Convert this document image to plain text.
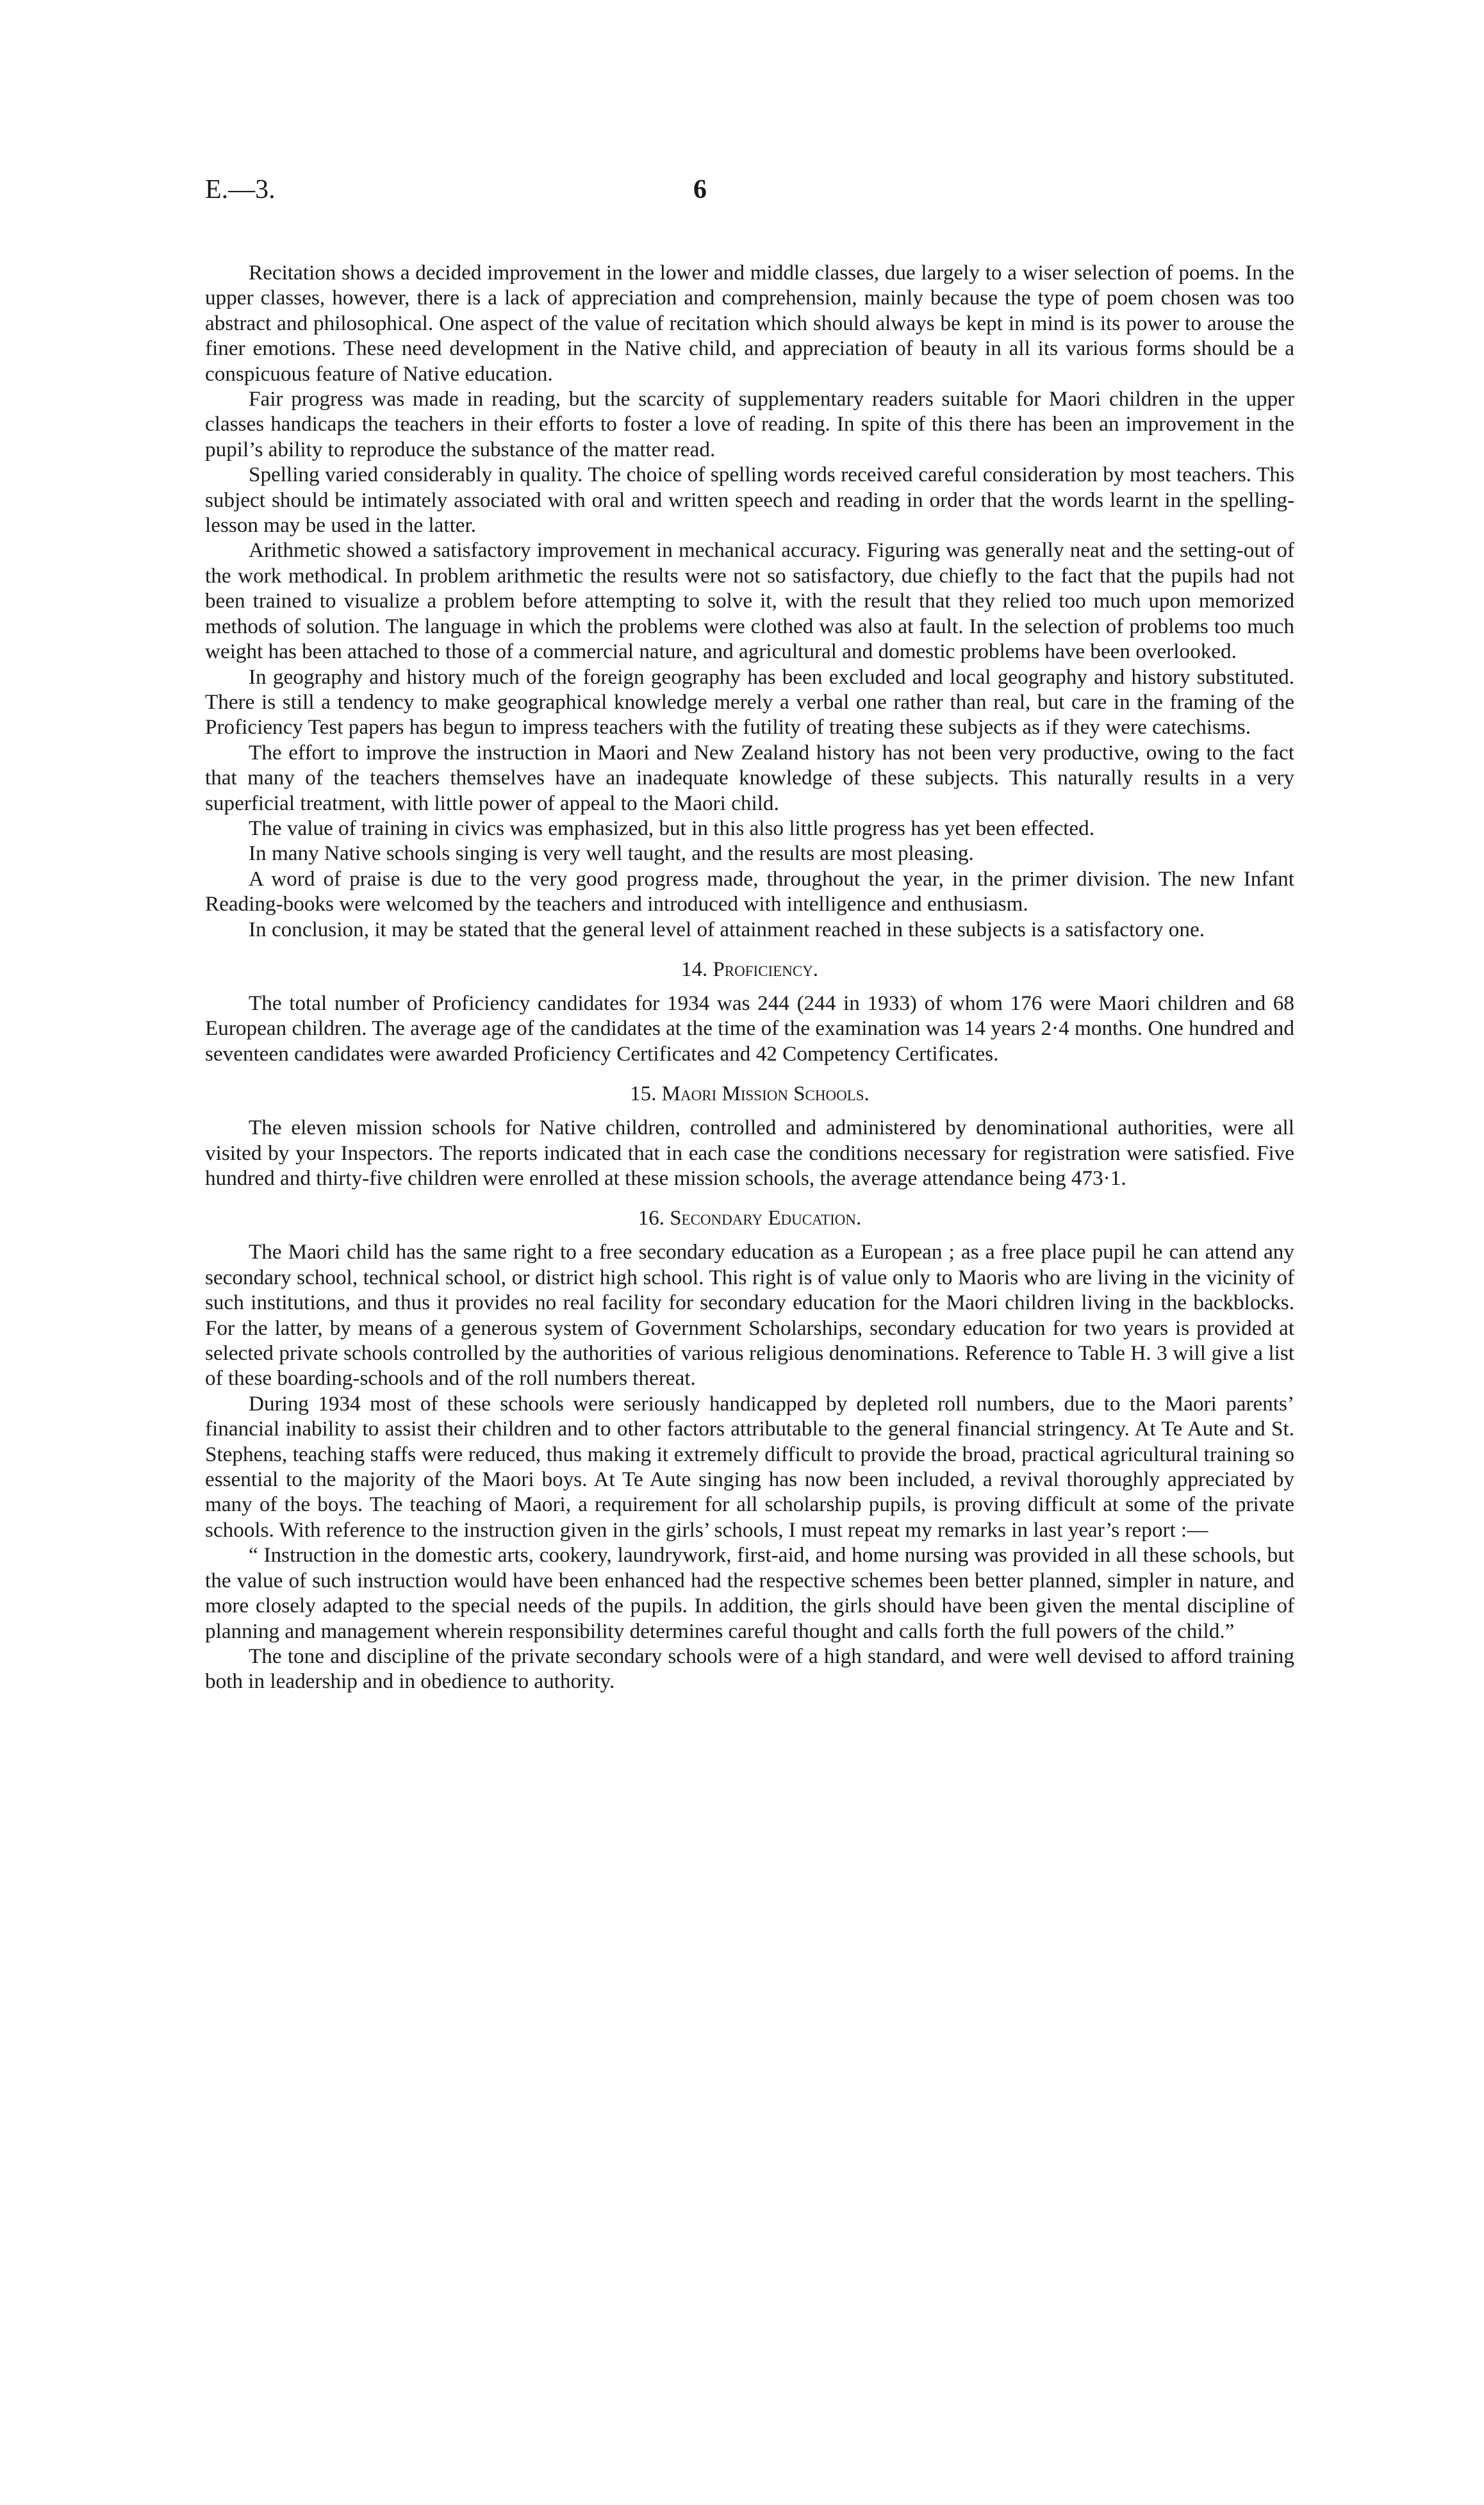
E.—3.	6

Recitation shows a decided improvement in the lower and middle classes, due largely to a wiser selection of poems. In the upper classes, however, there is a lack of appreciation and comprehension, mainly because the type of poem chosen was too abstract and philosophical. One aspect of the value of recitation which should always be kept in mind is its power to arouse the finer emotions. These need development in the Native child, and appreciation of beauty in all its various forms should be a conspicuous feature of Native education.

Fair progress was made in reading, but the scarcity of supplementary readers suitable for Maori children in the upper classes handicaps the teachers in their efforts to foster a love of reading. In spite of this there has been an improvement in the pupil’s ability to reproduce the substance of the matter read.

Spelling varied considerably in quality. The choice of spelling words received careful consideration by most teachers. This subject should be intimately associated with oral and written speech and reading in order that the words learnt in the spelling-lesson may be used in the latter.

Arithmetic showed a satisfactory improvement in mechanical accuracy. Figuring was generally neat and the setting-out of the work methodical. In problem arithmetic the results were not so satisfactory, due chiefly to the fact that the pupils had not been trained to visualize a problem before attempting to solve it, with the result that they relied too much upon memorized methods of solution. The language in which the problems were clothed was also at fault. In the selection of problems too much weight has been attached to those of a commercial nature, and agricultural and domestic problems have been overlooked.

In geography and history much of the foreign geography has been excluded and local geography and history substituted. There is still a tendency to make geographical knowledge merely a verbal one rather than real, but care in the framing of the Proficiency Test papers has begun to impress teachers with the futility of treating these subjects as if they were catechisms.

The effort to improve the instruction in Maori and New Zealand history has not been very productive, owing to the fact that many of the teachers themselves have an inadequate knowledge of these subjects. This naturally results in a very superficial treatment, with little power of appeal to the Maori child.

The value of training in civics was emphasized, but in this also little progress has yet been effected.

In many Native schools singing is very well taught, and the results are most pleasing.

A word of praise is due to the very good progress made, throughout the year, in the primer division. The new Infant Reading-books were welcomed by the teachers and introduced with intelligence and enthusiasm.

In conclusion, it may be stated that the general level of attainment reached in these subjects is a satisfactory one.

14. Proficiency.

The total number of Proficiency candidates for 1934 was 244 (244 in 1933) of whom 176 were Maori children and 68 European children. The average age of the candidates at the time of the examination was 14 years 2·4 months. One hundred and seventeen candidates were awarded Proficiency Certificates and 42 Competency Certificates.

15. Maori Mission Schools.

The eleven mission schools for Native children, controlled and administered by denominational authorities, were all visited by your Inspectors. The reports indicated that in each case the conditions necessary for registration were satisfied. Five hundred and thirty-five children were enrolled at these mission schools, the average attendance being 473·1.

16. Secondary Education.

The Maori child has the same right to a free secondary education as a European ; as a free place pupil he can attend any secondary school, technical school, or district high school. This right is of value only to Maoris who are living in the vicinity of such institutions, and thus it provides no real facility for secondary education for the Maori children living in the backblocks. For the latter, by means of a generous system of Government Scholarships, secondary education for two years is provided at selected private schools controlled by the authorities of various religious denominations. Reference to Table H. 3 will give a list of these boarding-schools and of the roll numbers thereat.

During 1934 most of these schools were seriously handicapped by depleted roll numbers, due to the Maori parents’ financial inability to assist their children and to other factors attributable to the general financial stringency. At Te Aute and St. Stephens, teaching staffs were reduced, thus making it extremely difficult to provide the broad, practical agricultural training so essential to the majority of the Maori boys. At Te Aute singing has now been included, a revival thoroughly appreciated by many of the boys. The teaching of Maori, a requirement for all scholarship pupils, is proving difficult at some of the private schools. With reference to the instruction given in the girls’ schools, I must repeat my remarks in last year’s report :—

“ Instruction in the domestic arts, cookery, laundrywork, first-aid, and home nursing was provided in all these schools, but the value of such instruction would have been enhanced had the respective schemes been better planned, simpler in nature, and more closely adapted to the special needs of the pupils. In addition, the girls should have been given the mental discipline of planning and management wherein responsibility determines careful thought and calls forth the full powers of the child.”

The tone and discipline of the private secondary schools were of a high standard, and were well devised to afford training both in leadership and in obedience to authority.
